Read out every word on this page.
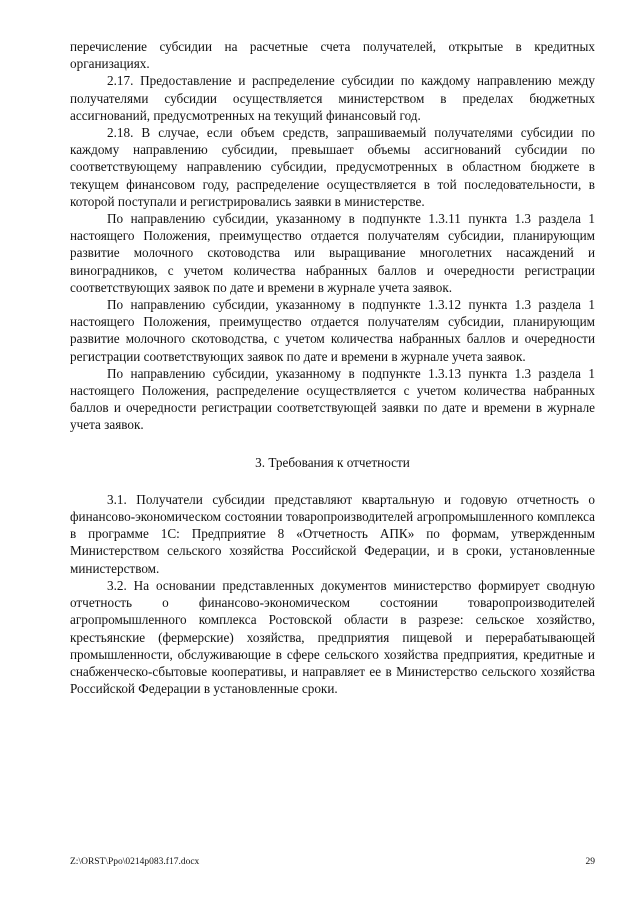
перечисление субсидии на расчетные счета получателей, открытые в кредитных организациях.

2.17. Предоставление и распределение субсидии по каждому направлению между получателями субсидии осуществляется министерством в пределах бюджетных ассигнований, предусмотренных на текущий финансовый год.

2.18. В случае, если объем средств, запрашиваемый получателями субсидии по каждому направлению субсидии, превышает объемы ассигнований субсидии по соответствующему направлению субсидии, предусмотренных в областном бюджете в текущем финансовом году, распределение осуществляется в той последовательности, в которой поступали и регистрировались заявки в министерстве.

По направлению субсидии, указанному в подпункте 1.3.11 пункта 1.3 раздела 1 настоящего Положения, преимущество отдается получателям субсидии, планирующим развитие молочного скотоводства или выращивание многолетних насаждений и виноградников, с учетом количества набранных баллов и очередности регистрации соответствующих заявок по дате и времени в журнале учета заявок.

По направлению субсидии, указанному в подпункте 1.3.12 пункта 1.3 раздела 1 настоящего Положения, преимущество отдается получателям субсидии, планирующим развитие молочного скотоводства, с учетом количества набранных баллов и очередности регистрации соответствующих заявок по дате и времени в журнале учета заявок.

По направлению субсидии, указанному в подпункте 1.3.13 пункта 1.3 раздела 1 настоящего Положения, распределение осуществляется с учетом количества набранных баллов и очередности регистрации соответствующей заявки по дате и времени в журнале учета заявок.

3. Требования к отчетности

3.1. Получатели субсидии представляют квартальную и годовую отчетность о финансово-экономическом состоянии товаропроизводителей агропромышленного комплекса в программе 1С: Предприятие 8 «Отчетность АПК» по формам, утвержденным Министерством сельского хозяйства Российской Федерации, и в сроки, установленные министерством.

3.2. На основании представленных документов министерство формирует сводную отчетность о финансово-экономическом состоянии товаропроизводителей агропромышленного комплекса Ростовской области в разрезе: сельское хозяйство, крестьянские (фермерские) хозяйства, предприятия пищевой и перерабатывающей промышленности, обслуживающие в сфере сельского хозяйства предприятия, кредитные и снабженческо-сбытовые кооперативы, и направляет ее в Министерство сельского хозяйства Российской Федерации в установленные сроки.

Z:\ORST\Ppo\0214p083.f17.docx	29
